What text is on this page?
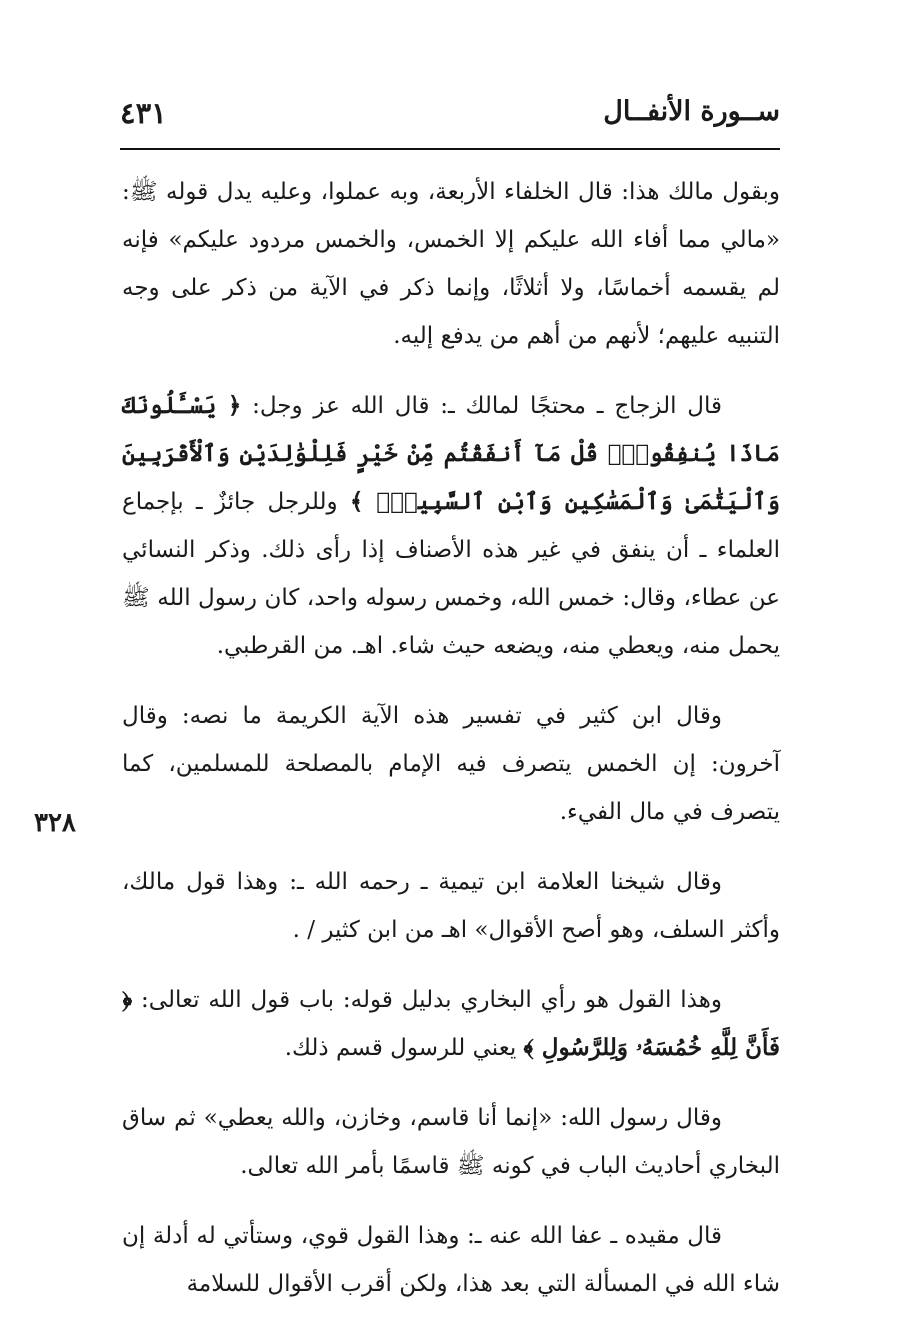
٤٣١	ســورة الأنفــال
٣٢٨

وبقول مالك هذا: قال الخلفاء الأربعة، وبه عملوا، وعليه يدل قوله ﷺ: «مالي مما أفاء الله عليكم إلا الخمس، والخمس مردود عليكم» فإنه لم يقسمه أخماسًا، ولا أثلاثًا، وإنما ذكر في الآية من ذكر على وجه التنبيه عليهم؛ لأنهم من أهم من يدفع إليه.

قال الزجاج ـ محتجًا لمالك ـ: قال الله عز وجل: ﴿ يَسْـَٔلُونَكَ مَاذَا يُنفِقُونَۖ قُلْ مَآ أَنفَقْتُم مِّنْ خَيْرٍ فَلِلْوَٰلِدَيْنِ وَٱلْأَقْرَبِينَ وَٱلْيَتَٰمَىٰ وَٱلْمَسَٰكِينِ وَٱبْنِ ٱلسَّبِيلِۗ ﴾ وللرجل جائزٌ ـ بإجماع العلماء ـ أن ينفق في غير هذه الأصناف إذا رأى ذلك. وذكر النسائي عن عطاء، وقال: خمس الله، وخمس رسوله واحد، كان رسول الله ﷺ يحمل منه، ويعطي منه، ويضعه حيث شاء. اهـ. من القرطبي.

وقال ابن كثير في تفسير هذه الآية الكريمة ما نصه: وقال آخرون: إن الخمس يتصرف فيه الإمام بالمصلحة للمسلمين، كما يتصرف في مال الفيء.

وقال شيخنا العلامة ابن تيمية ـ رحمه الله ـ: وهذا قول مالك، وأكثر السلف، وهو أصح الأقوال» اهـ من ابن كثير / .

وهذا القول هو رأي البخاري بدليل قوله: باب قول الله تعالى: ﴿ فَأَنَّ لِلَّهِ خُمُسَهُۥ وَلِلرَّسُولِ ﴾ يعني للرسول قسم ذلك.

وقال رسول الله: «إنما أنا قاسم، وخازن، والله يعطي» ثم ساق البخاري أحاديث الباب في كونه ﷺ قاسمًا بأمر الله تعالى.

قال مقيده ـ عفا الله عنه ـ: وهذا القول قوي، وستأتي له أدلة إن شاء الله في المسألة التي بعد هذا، ولكن أقرب الأقوال للسلامة
